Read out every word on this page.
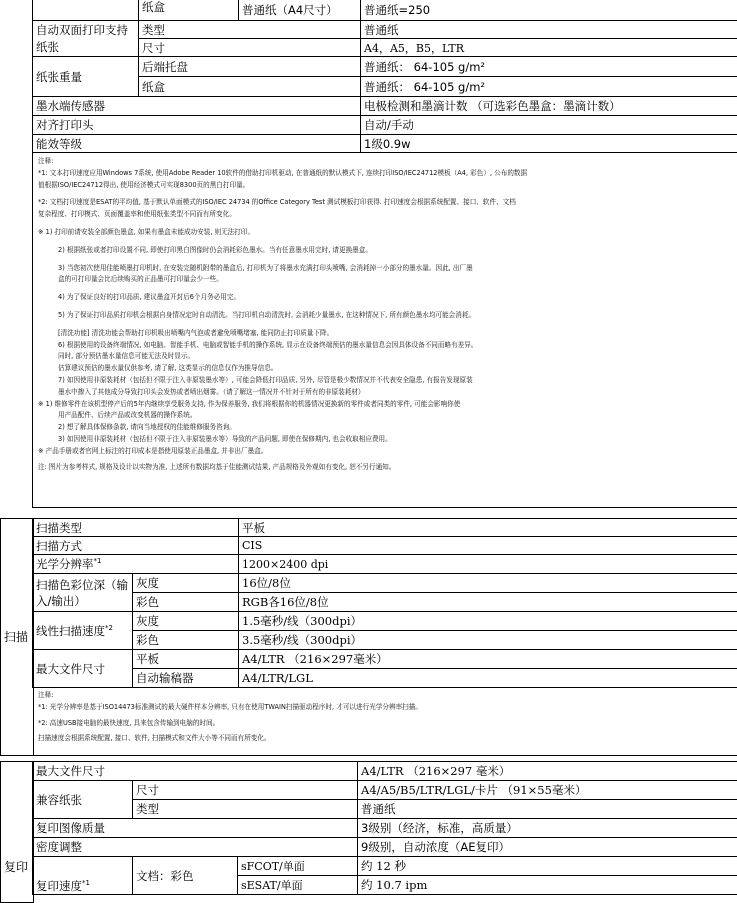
	纸盒	普通纸（A4尺寸）	普通纸=250
自动双面打印支持纸张	类型		普通纸
	尺寸		A4，A5，B5，LTR
纸张重量	后端托盘		普通纸： 64-105 g/m²
	纸盒		普通纸： 64-105 g/m²
墨水端传感器			电极检测和墨滴计数 （可选彩色墨盒：墨滴计数）
对齐打印头			自动/手动
能效等级			1级0.9w
注释:
*1: 文本打印速度应用Windows 7系统, 使用Adobe Reader 10软件的借助打印机驱动, 在普通纸的默认模式下, 连续打印ISO/IEC24712模板（A4, 彩色）, 公布的数据
值根据ISO/IEC24712得出, 使用经济模式可实现8300页的黑白打印量。
*2: 文档打印速度是ESAT的平均值, 基于默认单面模式的ISO/IEC 24734 的Office Category Test 测试模板打印获得. 打印速度会根据系统配置、接口、软件、文档
复杂程度、打印模式、页面覆盖率和使用纸张类型不同而有所变化。
※ 1) 打印前请安装全部颜色墨盒, 如果有墨盒未能成功安装, 则无法打印。
2) 根据纸张或者打印设置不同, 即使打印黑白图像时仍会消耗彩色墨水。当有任意墨水用完时, 请更换墨盒。
3) 当您初次使用佳能喷墨打印机时, 在安装完随机附带的墨盒后, 打印机为了将墨水充满打印头喷嘴, 会消耗掉一小部分的墨水量。因此, 出厂墨
盒的可打印量会比后续购买的正品墨可打印量会少一些。
4) 为了保证良好的打印品质, 建议墨盒开封后6个月务必用完。
5) 为了保证打印品质打印机会根据自身情况定时自动清洗。当打印机自动清洗时, 会消耗少量墨水, 在这种情况下, 所有颜色墨水均可能会消耗。
[清洗功能] 清洗功能会帮助打印机吸出喷嘴内气泡或者避免喷嘴堵塞, 能同防止打印质量下降。
6) 根据使用的设备终端情况, 如电脑、智能手机、电脑或智能手机的操作系统, 显示在设备终端预估的墨水量信息会因具体设备不同而略有差异。
同时, 部分预估墨水量信息可能无法及时显示。
估算建议预估的墨水量仅供参考, 请了解, 这类显示的信息仅作为推导信息。
7) 如因使用非原装耗材（包括但不限于注入非原装墨水等）, 可能会降低打印品质, 另外, 尽管是极少数情况并不代表安全隐患, 有报告发现原装
墨水中掺入了其他成分导致打印头会发热或者喷出烟雾。（请了解这一情况并不针对于所有的非原装耗材）
※ 1) 维修零件在该机型停产后的5年内继续享受服务支持, 作为保养服务, 我们将根据你的机器情况更换新的零件或者同类的零件, 可能会影响你使
用产品配件、后续产品或改变机器的操作系统。
2) 想了解具体保修条款, 请向当地授权的佳能维修服务咨询。
3) 如因使用非原装耗材（包括但不限于注入非原装墨水等）导致的产品问题, 即使在保修期内, 也会收取相应费用。
※ 产品手册或者官网上标注的打印成本是指使用原装正品墨盒, 并非出厂墨盒。
注: 图片为参考样式, 规格及设计以实物为准, 上述所有数据均基于佳能测试结果, 产品规格及外观如有变化, 恕不另行通知。
扫描
扫描类型		平板
扫描方式		CIS
光学分辨率$^{*1}$		1200×2400 dpi
扫描色彩位深（输入/输出）	灰度	16位/8位
	彩色	RGB各16位/8位
线性扫描速度$^{*2}$	灰度	1.5毫秒/线（300dpi）
	彩色	3.5毫秒/线（300dpi）
最大文件尺寸	平板	A4/LTR （216×297毫米）
	自动输稿器	A4/LTR/LGL
注释:
*1: 光学分辨率是基于ISO14473标准测试的最大硬件样本分辨率, 只有在使用TWAIN扫描驱动程序时, 才可以进行光学分辨率扫描。
*2: 高速USB接电脑的最快速度, 具来包含传输到电脑的时间。
扫描速度会根据系统配置, 接口、软件, 扫描模式和文件大小等不同而有所变化。
复印
最大文件尺寸			A4/LTR （216×297 毫米）
兼容纸张	尺寸		A4/A5/B5/LTR/LGL/卡片 （91×55毫米）
	类型		普通纸
复印图像质量			3级别（经济，标准，高质量）
密度调整			9级别，自动浓度（AE复印）
复印速度$^{*1}$	文档：彩色	sFCOT/单面	约 12 秒
		sESAT/单面	约 10.7 ipm
